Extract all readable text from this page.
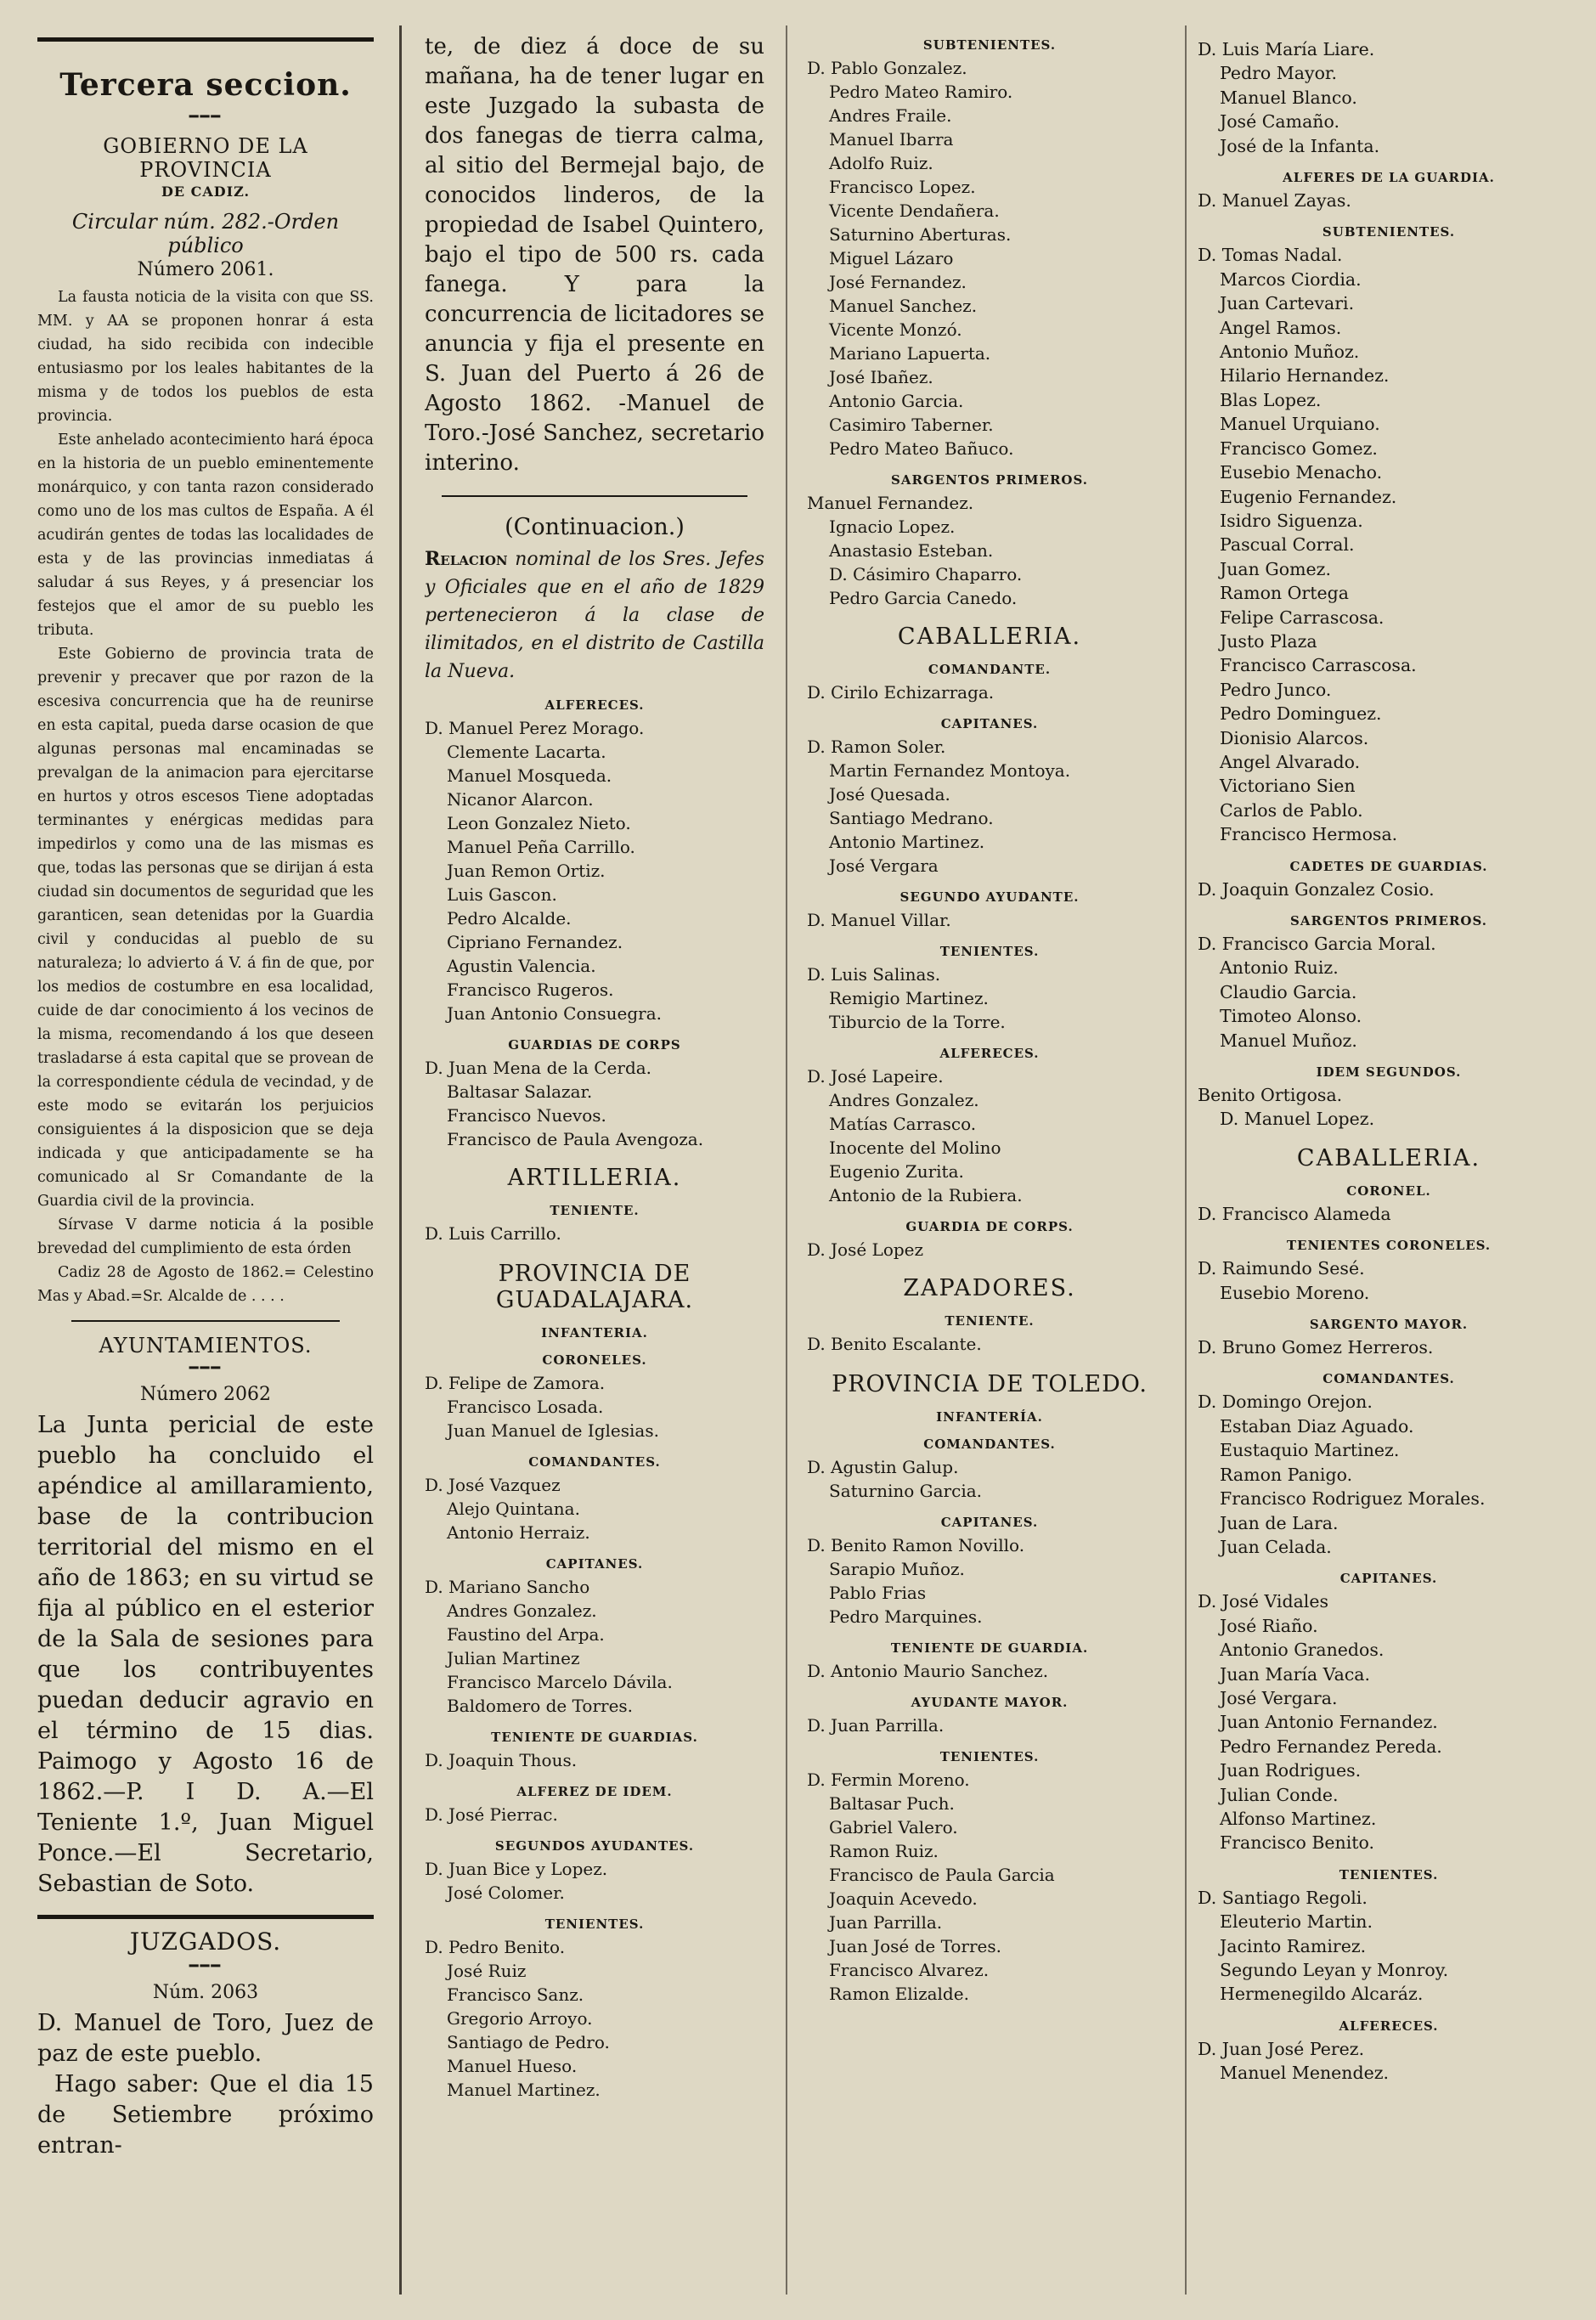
Tercera seccion.
━━━
GOBIERNO DE LA PROVINCIA
DE CADIZ.
Circular núm. 282.-Orden público
Número 2061.

La fausta noticia de la visita con que SS. MM. y AA se proponen honrar á esta ciudad, ha sido recibida con indecible entusiasmo por los leales habitantes de la misma y de todos los pueblos de esta provincia.

Este anhelado acontecimiento hará época en la historia de un pueblo eminentemente monárquico, y con tanta razon considerado como uno de los mas cultos de España. A él acudirán gentes de todas las localidades de esta y de las provincias inmediatas á saludar á sus Reyes, y á presenciar los festejos que el amor de su pueblo les tributa.

Este Gobierno de provincia trata de prevenir y precaver que por razon de la escesiva concurrencia que ha de reunirse en esta capital, pueda darse ocasion de que algunas personas mal encaminadas se prevalgan de la animacion para ejercitarse en hurtos y otros escesos Tiene adoptadas terminantes y enérgicas medidas para impedirlos y como una de las mismas es que, todas las personas que se dirijan á esta ciudad sin documentos de seguridad que les garanticen, sean detenidas por la Guardia civil y conducidas al pueblo de su naturaleza; lo advierto á V. á fin de que, por los medios de costumbre en esa localidad, cuide de dar conocimiento á los vecinos de la misma, recomendando á los que deseen trasladarse á esta capital que se provean de la correspondiente cédula de vecindad, y de este modo se evitarán los perjuicios consiguientes á la disposicion que se deja indicada y que anticipadamente se ha comunicado al Sr Comandante de la Guardia civil de la provincia.

Sírvase V darme noticia á la posible brevedad del cumplimiento de esta órden

Cadiz 28 de Agosto de 1862.= Celestino Mas y Abad.=Sr. Alcalde de . . . .

AYUNTAMIENTOS.
━━━
Número 2062

La Junta pericial de este pueblo ha concluido el apéndice al amillaramiento, base de la contribucion territorial del mismo en el año de 1863; en su virtud se fija al público en el esterior de la Sala de sesiones para que los contribuyentes puedan deducir agravio en el término de 15 dias. Paimogo y Agosto 16 de 1862.—P. I D. A.—El Teniente 1.º, Juan Miguel Ponce.—El Secretario, Sebastian de Soto.

JUZGADOS.
━━━
Núm. 2063

D. Manuel de Toro, Juez de paz de este pueblo.

Hago saber: Que el dia 15 de Setiembre próximo entran-

te, de diez á doce de su mañana, ha de tener lugar en este Juzgado la subasta de dos fanegas de tierra calma, al sitio del Bermejal bajo, de conocidos linderos, de la propiedad de Isabel Quintero, bajo el tipo de 500 rs. cada fanega. Y para la concurrencia de licitadores se anuncia y fija el presente en S. Juan del Puerto á 26 de Agosto 1862. -Manuel de Toro.-José Sanchez, secretario interino.

(Continuacion.)

Relacion nominal de los Sres. Jefes y Oficiales que en el año de 1829 pertenecieron á la clase de ilimitados, en el distrito de Castilla la Nueva.

ALFERECES.
D. Manuel Perez Morago.
Clemente Lacarta.
Manuel Mosqueda.
Nicanor Alarcon.
Leon Gonzalez Nieto.
Manuel Peña Carrillo.
Juan Remon Ortiz.
Luis Gascon.
Pedro Alcalde.
Cipriano Fernandez.
Agustin Valencia.
Francisco Rugeros.
Juan Antonio Consuegra.
GUARDIAS DE CORPS
D. Juan Mena de la Cerda.
Baltasar Salazar.
Francisco Nuevos.
Francisco de Paula Avengoza.
ARTILLERIA.
TENIENTE.
D. Luis Carrillo.
PROVINCIA DE GUADALAJARA.
INFANTERIA.
CORONELES.
D. Felipe de Zamora.
Francisco Losada.
Juan Manuel de Iglesias.
COMANDANTES.
D. José Vazquez
Alejo Quintana.
Antonio Herraiz.
CAPITANES.
D. Mariano Sancho
Andres Gonzalez.
Faustino del Arpa.
Julian Martinez
Francisco Marcelo Dávila.
Baldomero de Torres.
TENIENTE DE GUARDIAS.
D. Joaquin Thous.
ALFEREZ DE IDEM.
D. José Pierrac.
SEGUNDOS AYUDANTES.
D. Juan Bice y Lopez.
José Colomer.
TENIENTES.
D. Pedro Benito.
José Ruiz
Francisco Sanz.
Gregorio Arroyo.
Santiago de Pedro.
Manuel Hueso.
Manuel Martinez.
SUBTENIENTES.
D. Pablo Gonzalez.
Pedro Mateo Ramiro.
Andres Fraile.
Manuel Ibarra
Adolfo Ruiz.
Francisco Lopez.
Vicente Dendañera.
Saturnino Aberturas.
Miguel Lázaro
José Fernandez.
Manuel Sanchez.
Vicente Monzó.
Mariano Lapuerta.
José Ibañez.
Antonio Garcia.
Casimiro Taberner.
Pedro Mateo Bañuco.
SARGENTOS PRIMEROS.
Manuel Fernandez.
Ignacio Lopez.
Anastasio Esteban.
D. Cásimiro Chaparro.
Pedro Garcia Canedo.
CABALLERIA.
COMANDANTE.
D. Cirilo Echizarraga.
CAPITANES.
D. Ramon Soler.
Martin Fernandez Montoya.
José Quesada.
Santiago Medrano.
Antonio Martinez.
José Vergara
SEGUNDO AYUDANTE.
D. Manuel Villar.
TENIENTES.
D. Luis Salinas.
Remigio Martinez.
Tiburcio de la Torre.
ALFERECES.
D. José Lapeire.
Andres Gonzalez.
Matías Carrasco.
Inocente del Molino
Eugenio Zurita.
Antonio de la Rubiera.
GUARDIA DE CORPS.
D. José Lopez
ZAPADORES.
TENIENTE.
D. Benito Escalante.
PROVINCIA DE TOLEDO.
INFANTERÍA.
COMANDANTES.
D. Agustin Galup.
Saturnino Garcia.
CAPITANES.
D. Benito Ramon Novillo.
Sarapio Muñoz.
Pablo Frias
Pedro Marquines.
TENIENTE DE GUARDIA.
D. Antonio Maurio Sanchez.
AYUDANTE MAYOR.
D. Juan Parrilla.
TENIENTES.
D. Fermin Moreno.
Baltasar Puch.
Gabriel Valero.
Ramon Ruiz.
Francisco de Paula Garcia
Joaquin Acevedo.
Juan Parrilla.
Juan José de Torres.
Francisco Alvarez.
Ramon Elizalde.
D. Luis María Liare.
Pedro Mayor.
Manuel Blanco.
José Camaño.
José de la Infanta.
ALFERES DE LA GUARDIA.
D. Manuel Zayas.
SUBTENIENTES.
D. Tomas Nadal.
Marcos Ciordia.
Juan Cartevari.
Angel Ramos.
Antonio Muñoz.
Hilario Hernandez.
Blas Lopez.
Manuel Urquiano.
Francisco Gomez.
Eusebio Menacho.
Eugenio Fernandez.
Isidro Siguenza.
Pascual Corral.
Juan Gomez.
Ramon Ortega
Felipe Carrascosa.
Justo Plaza
Francisco Carrascosa.
Pedro Junco.
Pedro Dominguez.
Dionisio Alarcos.
Angel Alvarado.
Victoriano Sien
Carlos de Pablo.
Francisco Hermosa.
CADETES DE GUARDIAS.
D. Joaquin Gonzalez Cosio.
SARGENTOS PRIMEROS.
D. Francisco Garcia Moral.
Antonio Ruiz.
Claudio Garcia.
Timoteo Alonso.
Manuel Muñoz.
IDEM SEGUNDOS.
Benito Ortigosa.
D. Manuel Lopez.
CABALLERIA.
CORONEL.
D. Francisco Alameda
TENIENTES CORONELES.
D. Raimundo Sesé.
Eusebio Moreno.
SARGENTO MAYOR.
D. Bruno Gomez Herreros.
COMANDANTES.
D. Domingo Orejon.
Estaban Diaz Aguado.
Eustaquio Martinez.
Ramon Panigo.
Francisco Rodriguez Morales.
Juan de Lara.
Juan Celada.
CAPITANES.
D. José Vidales
José Riaño.
Antonio Granedos.
Juan María Vaca.
José Vergara.
Juan Antonio Fernandez.
Pedro Fernandez Pereda.
Juan Rodrigues.
Julian Conde.
Alfonso Martinez.
Francisco Benito.
TENIENTES.
D. Santiago Regoli.
Eleuterio Martin.
Jacinto Ramirez.
Segundo Leyan y Monroy.
Hermenegildo Alcaráz.
ALFERECES.
D. Juan José Perez.
Manuel Menendez.
